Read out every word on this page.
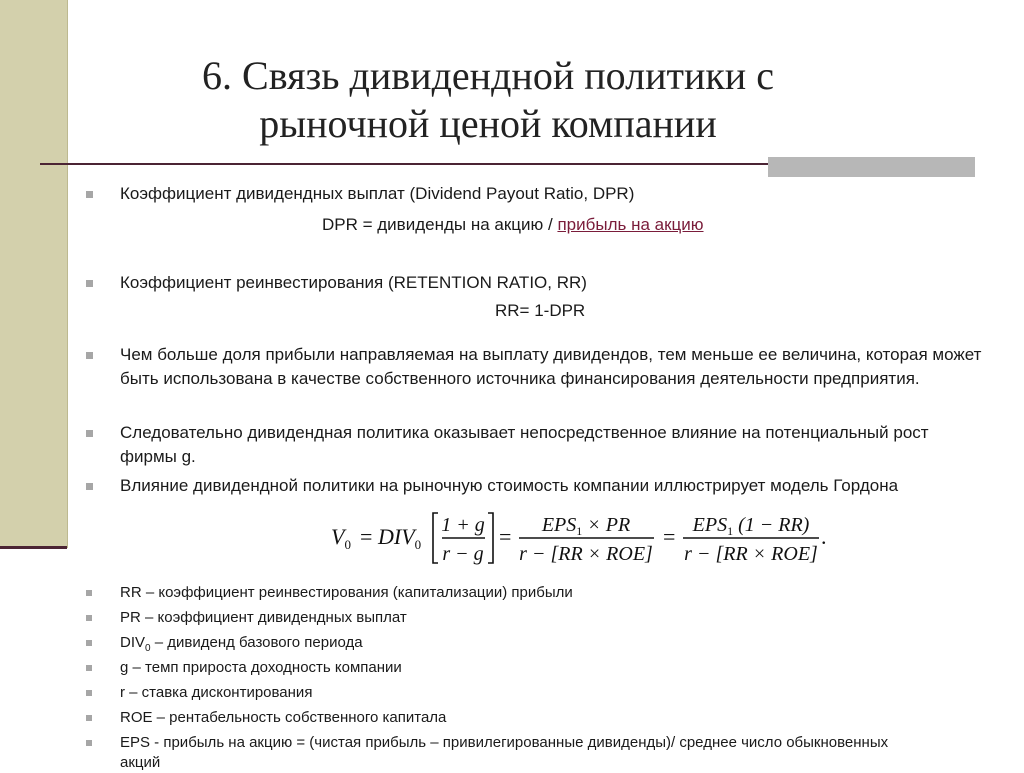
6. Связь дивидендной политики с
рыночной ценой компании
Коэффициент дивидендных выплат (Dividend Payout Ratio, DPR)
DPR = дивиденды на акцию / прибыль на акцию
Коэффициент реинвестирования (RETENTION RATIO, RR)
RR= 1-DPR
Чем больше доля прибыли направляемая на выплату дивидендов, тем меньше ее величина, которая может быть использована в качестве собственного источника финансирования деятельности предприятия.
Следовательно дивидендная политика оказывает непосредственное влияние на потенциальный рост фирмы g.
Влияние дивидендной политики на рыночную стоимость компании иллюстрирует модель Гордона
$V_0 = DIV_0$
1 + g
r − g
= $EPS_1$ × PR
r − [RR × ROE]
= $EPS_1$ (1 − RR)
r − [RR × ROE]
.
RR – коэффициент реинвестирования (капитализации) прибыли
PR – коэффициент дивидендных выплат
$DIV_0$ – дивиденд базового периода
g – темп прироста доходность компании
r – ставка дисконтирования
ROE – рентабельность собственного капитала
EPS - прибыль на акцию = (чистая прибыль – привилегированные дивиденды)/ среднее число обыкновенных
акций
